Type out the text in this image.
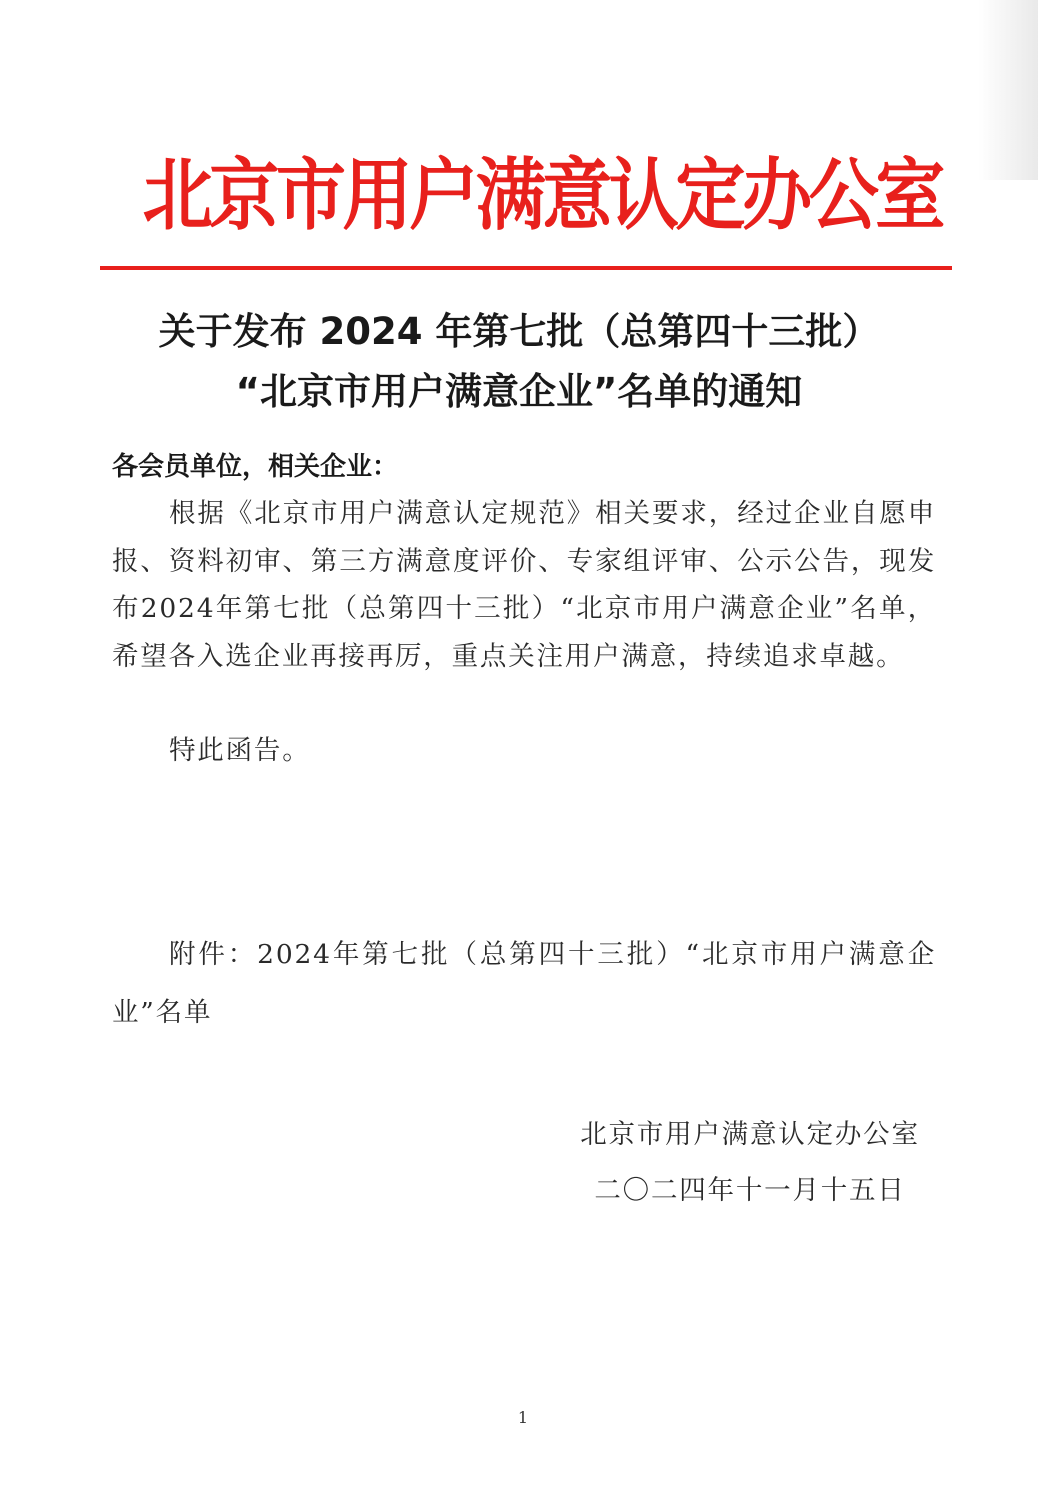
北京市用户满意认定办公室
关于发布 2024 年第七批（总第四十三批）
“北京市用户满意企业”名单的通知
各会员单位，相关企业：
根据《北京市用户满意认定规范》相关要求，经过企业自愿申报、资料初审、第三方满意度评价、专家组评审、公示公告，现发布2024年第七批（总第四十三批）“北京市用户满意企业”名单，希望各入选企业再接再厉，重点关注用户满意，持续追求卓越。
特此函告。
附件：2024年第七批（总第四十三批）“北京市用户满意企业”名单
北京市用户满意认定办公室
二〇二四年十一月十五日
1
